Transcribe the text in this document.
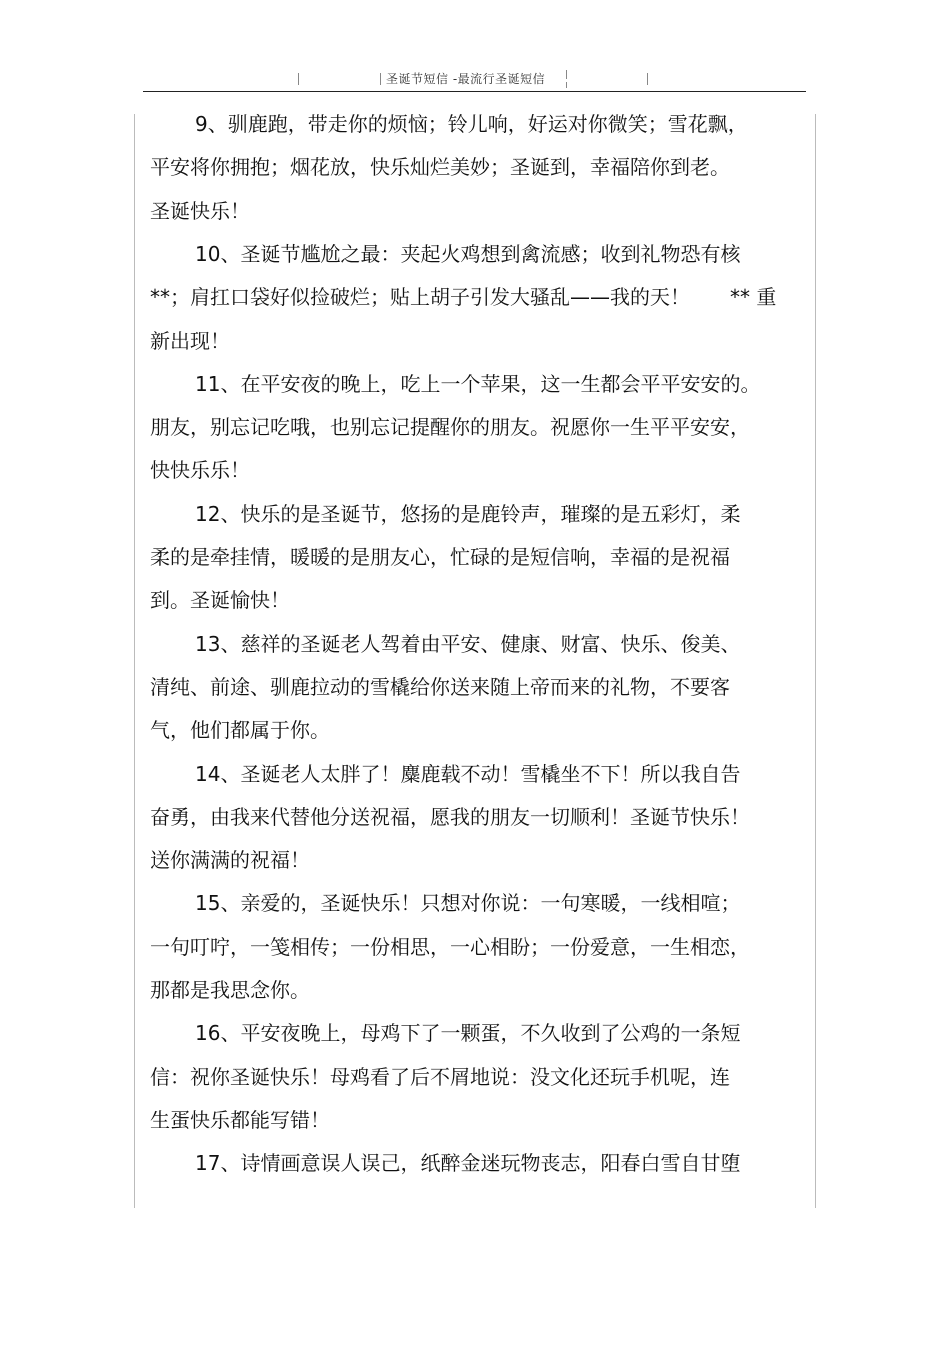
圣诞节短信 -最流行圣诞短信
9、驯鹿跑，带走你的烦恼；铃儿响，好运对你微笑；雪花飘，
平安将你拥抱；烟花放，快乐灿烂美妙；圣诞到，幸福陪你到老。
圣诞快乐！
10、圣诞节尴尬之最：夹起火鸡想到禽流感；收到礼物恐有核
**；肩扛口袋好似捡破烂；贴上胡子引发大骚乱——我的天！　　** 重
新出现！
11、在平安夜的晚上，吃上一个苹果，这一生都会平平安安的。
朋友，别忘记吃哦，也别忘记提醒你的朋友。祝愿你一生平平安安，
快快乐乐！
12、快乐的是圣诞节，悠扬的是鹿铃声，璀璨的是五彩灯，柔
柔的是牵挂情，暖暖的是朋友心，忙碌的是短信响，幸福的是祝福
到。圣诞愉快！
13、慈祥的圣诞老人驾着由平安、健康、财富、快乐、俊美、
清纯、前途、驯鹿拉动的雪橇给你送来随上帝而来的礼物，不要客
气，他们都属于你。
14、圣诞老人太胖了！麋鹿载不动！雪橇坐不下！所以我自告
奋勇，由我来代替他分送祝福，愿我的朋友一切顺利！圣诞节快乐！
送你满满的祝福！
15、亲爱的，圣诞快乐！只想对你说：一句寒暖，一线相喧；
一句叮咛，一笺相传；一份相思，一心相盼；一份爱意，一生相恋，
那都是我思念你。
16、平安夜晚上，母鸡下了一颗蛋，不久收到了公鸡的一条短
信：祝你圣诞快乐！母鸡看了后不屑地说：没文化还玩手机呢，连
生蛋快乐都能写错！
17、诗情画意误人误己，纸醉金迷玩物丧志，阳春白雪自甘堕
